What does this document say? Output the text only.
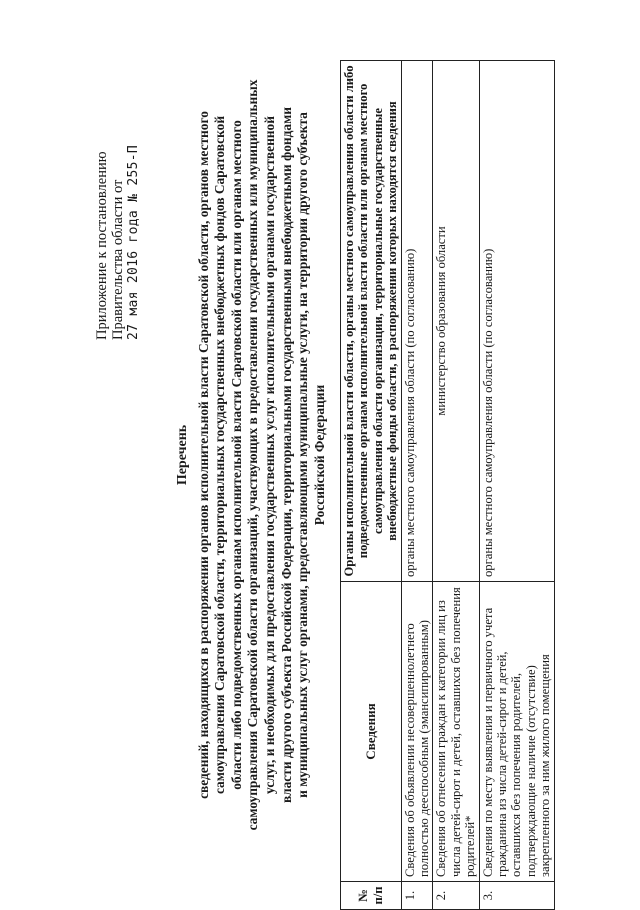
Приложение к постановлению Правительства области от 27 мая 2016 года № 255-П
Перечень сведений, находящихся в распоряжении органов исполнительной власти Саратовской области, органов местного самоуправления Саратовской области, территориальных государственных внебюджетных фондов Саратовской области либо подведомственных органам исполнительной власти Саратовской области или органам местного самоуправления Саратовской области организаций, участвующих в предоставлении государственных или муниципальных услуг, и необходимых для предоставления государственных услуг исполнительными органами государственной власти другого субъекта Российской Федерации, территориальными государственными внебюджетными фондами и муниципальных услуг органами, предоставляющими муниципальные услуги, на территории другого субъекта Российской Федерации
№ п/п	Сведения	Органы исполнительной власти области, органы местного самоуправления области либо подведомственные органам исполнительной власти области или органам местного самоуправления области организации, территориальные государственные внебюджетные фонды области, в распоряжении которых находятся сведения
1.	Сведения об объявлении несовершеннолетнего полностью дееспособным (эмансипированным)	органы местного самоуправления области (по согласованию)
2.	Сведения об отнесении граждан к категории лиц из числа детей-сирот и детей, оставшихся без попечения родителей*	министерство образования области
3.	Сведения по месту выявления и первичного учета гражданина из числа детей-сирот и детей, оставшихся без попечения родителей, подтверждающие наличие (отсутствие) закрепленного за ним жилого помещения	органы местного самоуправления области (по согласованию)
